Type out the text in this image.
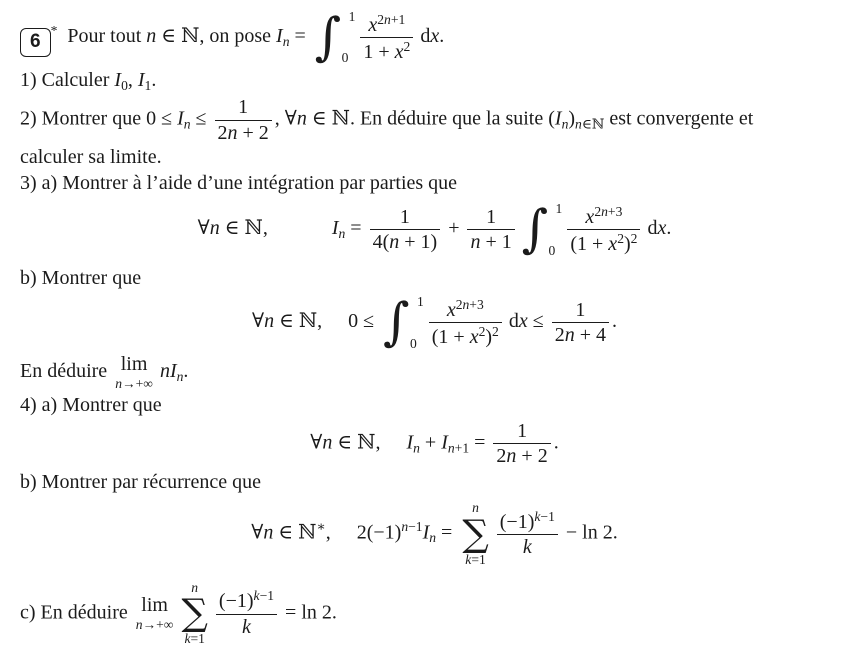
6* Pour tout n ∈ ℕ, on pose In = ∫ 1
$0 \frac{x^{2n+1}}{1 + x^2}$ dx.
1) Calculer I0, I1.
2) Montrer que $0 \le In \le \frac{1}{2n + 2}$ , ∀n ∈ ℕ. En déduire que la suite (In)n∈ℕ est convergente et
calculer sa limite.
3) a) Montrer à l’aide d’une intégration par parties que
∀n ∈ ℕ,	$In = \frac{1}{4(n + 1)} + \frac{1}{n + 1}$ ∫ 1
$0 \frac{x^{2n+3}}{(1 + x^2)^2}$ dx.
b) Montrer que
∀n ∈ ℕ, 0 ≤ ∫ 1
$0 \frac{x^{2n+3}}{(1 + x^2)^2}$ dx ≤ $\frac{1}{2n + 4}$ .
En déduire lim
n→+∞
nIn.
4) a) Montrer que
∀n ∈ ℕ, $In + In+1 = \frac{1}{2n + 2}$ .
b) Montrer par récurrence que
∀n ∈ ℕ∗, $2(-1)^{n-1}In$ =
n
∑
k=1
$\frac{(-1)^{k-1}}{k} - \ln 2$.
c) En déduire lim
n→+∞
n
∑
k=1
$\frac{(-1)^{k-1}}{k} = \ln 2$.
